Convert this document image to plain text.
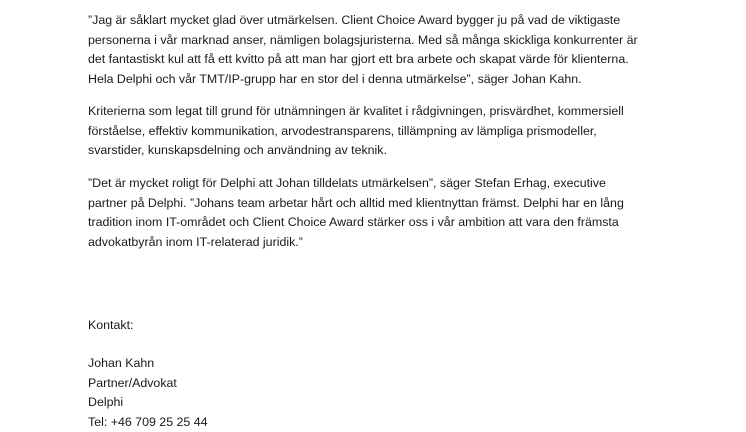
”Jag är såklart mycket glad över utmärkelsen. Client Choice Award bygger ju på vad de viktigaste
personerna i vår marknad anser, nämligen bolagsjuristerna. Med så många skickliga konkurrenter är
det fantastiskt kul att få ett kvitto på att man har gjort ett bra arbete och skapat värde för klienterna.
Hela Delphi och vår TMT/IP-grupp har en stor del i denna utmärkelse”, säger Johan Kahn.
Kriterierna som legat till grund för utnämningen är kvalitet i rådgivningen, prisvärdhet, kommersiell
förståelse, effektiv kommunikation, arvodestransparens, tillämpning av lämpliga prismodeller,
svarstider, kunskapsdelning och användning av teknik.
”Det är mycket roligt för Delphi att Johan tilldelats utmärkelsen”, säger Stefan Erhag, executive
partner på Delphi. ”Johans team arbetar hårt och alltid med klientnyttan främst. Delphi har en lång
tradition inom IT-området och Client Choice Award stärker oss i vår ambition att vara den främsta
advokatbyrån inom IT-relaterad juridik.”
Kontakt:
Johan Kahn
Partner/Advokat
Delphi
Tel: +46 709 25 25 44
